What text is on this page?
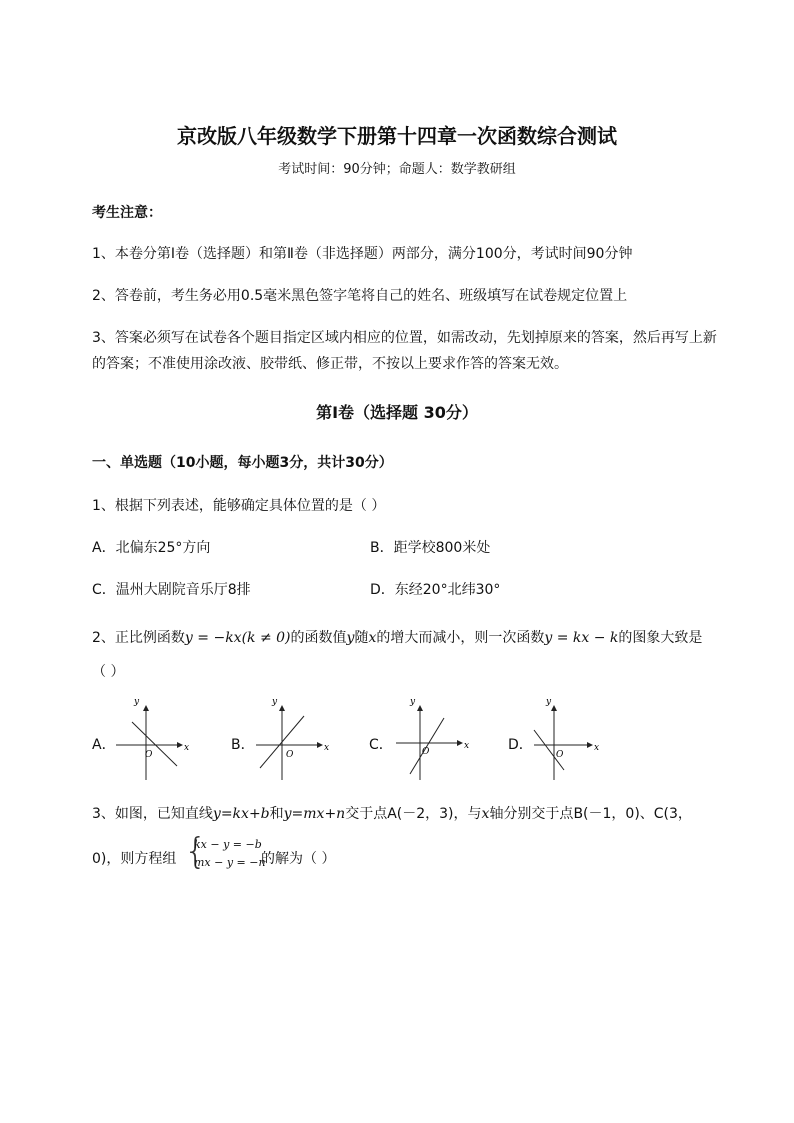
京改版八年级数学下册第十四章一次函数综合测试
考试时间：90分钟；命题人：数学教研组
考生注意：
1、本卷分第I卷（选择题）和第Ⅱ卷（非选择题）两部分，满分100分，考试时间90分钟
2、答卷前，考生务必用0.5毫米黑色签字笔将自己的姓名、班级填写在试卷规定位置上
3、答案必须写在试卷各个题目指定区域内相应的位置，如需改动，先划掉原来的答案，然后再写上新
的答案；不准使用涂改液、胶带纸、修正带，不按以上要求作答的答案无效。
第I卷（选择题 30分）
一、单选题（10小题，每小题3分，共计30分）
1、根据下列表述，能够确定具体位置的是（ ）
A．北偏东25°方向	B．距学校800米处
C．温州大剧院音乐厅8排	D．东经20°北纬30°
2、正比例函数y = −kx(k ≠ 0)的函数值y随x的增大而减小，则一次函数y = kx − k的图象大致是
（ ）
A．	B．	C．	D．
y
x
O
y
x
O
y
x
O
y
x
O
3、如图，已知直线y=kx+b和y=mx+n交于点A(－2，3)，与x轴分别交于点B(－1，0)、C(3，
0)，则方程组 {
kx − y = −b
mx − y = −n
的解为（ ）
